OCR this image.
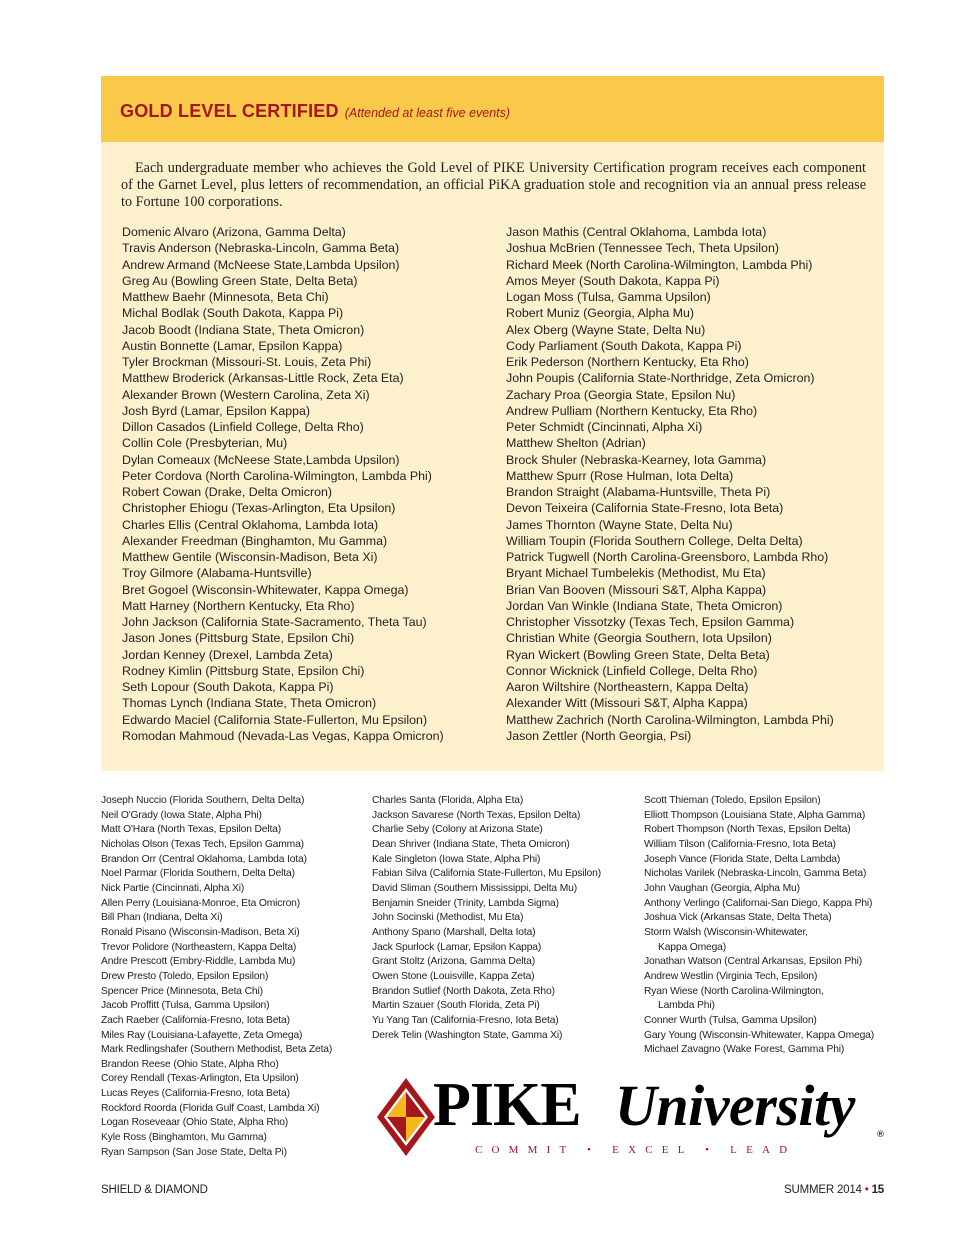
GOLD LEVEL CERTIFIED (Attended at least five events)

Each undergraduate member who achieves the Gold Level of PIKE University Certification program receives each component of the Garnet Level, plus letters of recommendation, an official PiKA graduation stole and recognition via an annual press release to Fortune 100 corporations.

Domenic Alvaro (Arizona, Gamma Delta)
Travis Anderson (Nebraska-Lincoln, Gamma Beta)
Andrew Armand (McNeese State,Lambda Upsilon)
Greg Au (Bowling Green State, Delta Beta)
Matthew Baehr (Minnesota, Beta Chi)
Michal Bodlak (South Dakota, Kappa Pi)
Jacob Boodt (Indiana State, Theta Omicron)
Austin Bonnette (Lamar, Epsilon Kappa)
Tyler Brockman (Missouri-St. Louis, Zeta Phi)
Matthew Broderick (Arkansas-Little Rock, Zeta Eta)
Alexander Brown (Western Carolina, Zeta Xi)
Josh Byrd (Lamar, Epsilon Kappa)
Dillon Casados (Linfield College, Delta Rho)
Collin Cole (Presbyterian, Mu)
Dylan Comeaux (McNeese State,Lambda Upsilon)
Peter Cordova (North Carolina-Wilmington, Lambda Phi)
Robert Cowan (Drake, Delta Omicron)
Christopher Ehiogu (Texas-Arlington, Eta Upsilon)
Charles Ellis (Central Oklahoma, Lambda Iota)
Alexander Freedman (Binghamton, Mu Gamma)
Matthew Gentile (Wisconsin-Madison, Beta Xi)
Troy Gilmore (Alabama-Huntsville)
Bret Gogoel (Wisconsin-Whitewater, Kappa Omega)
Matt Harney (Northern Kentucky, Eta Rho)
John Jackson (California State-Sacramento, Theta Tau)
Jason Jones (Pittsburg State, Epsilon Chi)
Jordan Kenney (Drexel, Lambda Zeta)
Rodney Kimlin (Pittsburg State, Epsilon Chi)
Seth Lopour (South Dakota, Kappa Pi)
Thomas Lynch (Indiana State, Theta Omicron)
Edwardo Maciel (California State-Fullerton, Mu Epsilon)
Romodan Mahmoud (Nevada-Las Vegas, Kappa Omicron)
Jason Mathis (Central Oklahoma, Lambda Iota)
Joshua McBrien (Tennessee Tech, Theta Upsilon)
Richard Meek (North Carolina-Wilmington, Lambda Phi)
Amos Meyer (South Dakota, Kappa Pi)
Logan Moss (Tulsa, Gamma Upsilon)
Robert Muniz (Georgia, Alpha Mu)
Alex Oberg (Wayne State, Delta Nu)
Cody Parliament (South Dakota, Kappa Pi)
Erik Pederson (Northern Kentucky, Eta Rho)
John Poupis (California State-Northridge, Zeta Omicron)
Zachary Proa (Georgia State, Epsilon Nu)
Andrew Pulliam (Northern Kentucky, Eta Rho)
Peter Schmidt (Cincinnati, Alpha Xi)
Matthew Shelton (Adrian)
Brock Shuler (Nebraska-Kearney, Iota Gamma)
Matthew Spurr (Rose Hulman, Iota Delta)
Brandon Straight (Alabama-Huntsville, Theta Pi)
Devon Teixeira (California State-Fresno, Iota Beta)
James Thornton (Wayne State, Delta Nu)
William Toupin (Florida Southern College, Delta Delta)
Patrick Tugwell (North Carolina-Greensboro, Lambda Rho)
Bryant Michael Tumbelekis (Methodist, Mu Eta)
Brian Van Booven (Missouri S&T, Alpha Kappa)
Jordan Van Winkle (Indiana State, Theta Omicron)
Christopher Vissotzky (Texas Tech, Epsilon Gamma)
Christian White (Georgia Southern, Iota Upsilon)
Ryan Wickert (Bowling Green State, Delta Beta)
Connor Wicknick (Linfield College, Delta Rho)
Aaron Wiltshire (Northeastern, Kappa Delta)
Alexander Witt (Missouri S&T, Alpha Kappa)
Matthew Zachrich (North Carolina-Wilmington, Lambda Phi)
Jason Zettler (North Georgia, Psi)
Joseph Nuccio (Florida Southern, Delta Delta)
Neil O'Grady (Iowa State, Alpha Phi)
Matt O'Hara (North Texas, Epsilon Delta)
Nicholas Olson (Texas Tech, Epsilon Gamma)
Brandon Orr (Central Oklahoma, Lambda Iota)
Noel Parmar (Florida Southern, Delta Delta)
Nick Partie (Cincinnati, Alpha Xi)
Allen Perry (Louisiana-Monroe, Eta Omicron)
Bill Phan (Indiana, Delta Xi)
Ronald Pisano (Wisconsin-Madison, Beta Xi)
Trevor Polidore (Northeastern, Kappa Delta)
Andre Prescott (Embry-Riddle, Lambda Mu)
Drew Presto (Toledo, Epsilon Epsilon)
Spencer Price (Minnesota, Beta Chi)
Jacob Proffitt (Tulsa, Gamma Upsilon)
Zach Raeber (California-Fresno, Iota Beta)
Miles Ray (Louisiana-Lafayette, Zeta Omega)
Mark Redlingshafer (Southern Methodist, Beta Zeta)
Brandon Reese (Ohio State, Alpha Rho)
Corey Rendall (Texas-Arlington, Eta Upsilon)
Lucas Reyes (California-Fresno, Iota Beta)
Rockford Roorda (Florida Gulf Coast, Lambda Xi)
Logan Roseveaar (Ohio State, Alpha Rho)
Kyle Ross (Binghamton, Mu Gamma)
Ryan Sampson (San Jose State, Delta Pi)
Charles Santa (Florida, Alpha Eta)
Jackson Savarese (North Texas, Epsilon Delta)
Charlie Seby (Colony at Arizona State)
Dean Shriver (Indiana State, Theta Omicron)
Kale Singleton (Iowa State, Alpha Phi)
Fabian Silva (California State-Fullerton, Mu Epsilon)
David Sliman (Southern Mississippi, Delta Mu)
Benjamin Sneider (Trinity, Lambda Sigma)
John Socinski (Methodist, Mu Eta)
Anthony Spano (Marshall, Delta Iota)
Jack Spurlock (Lamar, Epsilon Kappa)
Grant Stoltz (Arizona, Gamma Delta)
Owen Stone (Louisville, Kappa Zeta)
Brandon Sutlief (North Dakota, Zeta Rho)
Martin Szauer (South Florida, Zeta Pi)
Yu Yang Tan (California-Fresno, Iota Beta)
Derek Telin (Washington State, Gamma Xi)
Scott Thieman (Toledo, Epsilon Epsilon)
Elliott Thompson (Louisiana State, Alpha Gamma)
Robert Thompson (North Texas, Epsilon Delta)
William Tilson (California-Fresno, Iota Beta)
Joseph Vance (Florida State, Delta Lambda)
Nicholas Varilek (Nebraska-Lincoln, Gamma Beta)
John Vaughan (Georgia, Alpha Mu)
Anthony Verlingo (Californai-San Diego, Kappa Phi)
Joshua Vick (Arkansas State, Delta Theta)
Storm Walsh (Wisconsin-Whitewater,
Kappa Omega)
Jonathan Watson (Central Arkansas, Epsilon Phi)
Andrew Westlin (Virginia Tech, Epsilon)
Ryan Wiese (North Carolina-Wilmington,
Lambda Phi)
Conner Wurth (Tulsa, Gamma Upsilon)
Gary Young (Wisconsin-Whitewater, Kappa Omega)
Michael Zavagno (Wake Forest, Gamma Phi)
PIKE University ®
COMMIT • EXCEL • LEAD
SHIELD & DIAMOND	SUMMER 2014 • 15
